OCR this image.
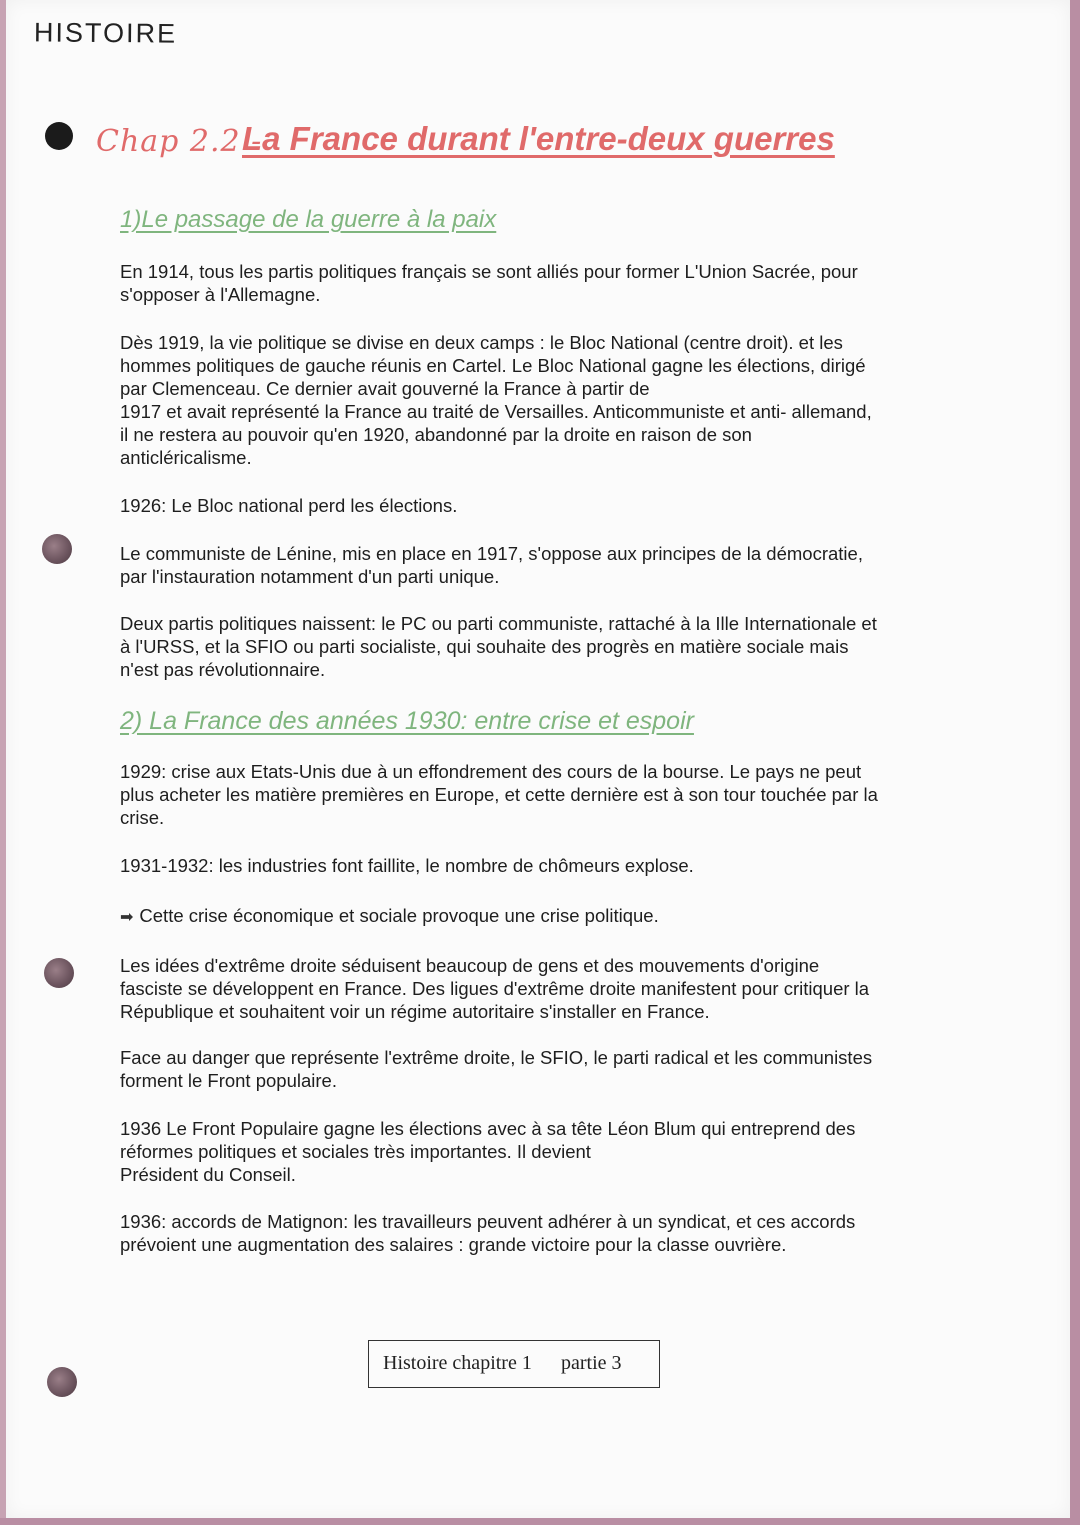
HISTOIRE
Chap 2.2 -
La France durant l'entre-deux guerres
1)Le passage de la guerre à la paix
En 1914, tous les partis politiques français se sont alliés pour former L'Union Sacrée, pour
s'opposer à l'Allemagne.
Dès 1919, la vie politique se divise en deux camps : le Bloc National (centre droit). et les
hommes politiques de gauche réunis en Cartel. Le Bloc National gagne les élections, dirigé
par Clemenceau. Ce dernier avait gouverné la France à partir de
1917 et avait représenté la France au traité de Versailles. Anticommuniste et anti- allemand,
il ne restera au pouvoir qu'en 1920, abandonné par la droite en raison de son
anticléricalisme.
1926: Le Bloc national perd les élections.
Le communiste de Lénine, mis en place en 1917, s'oppose aux principes de la démocratie,
par l'instauration notamment d'un parti unique.
Deux partis politiques naissent: le PC ou parti communiste, rattaché à la Ille Internationale et
à l'URSS, et la SFIO ou parti socialiste, qui souhaite des progrès en matière sociale mais
n'est pas révolutionnaire.
2) La France des années 1930: entre crise et espoir
1929: crise aux Etats-Unis due à un effondrement des cours de la bourse. Le pays ne peut
plus acheter les matière premières en Europe, et cette dernière est à son tour touchée par la
crise.
1931-1932: les industries font faillite, le nombre de chômeurs explose.
➡ Cette crise économique et sociale provoque une crise politique.
Les idées d'extrême droite séduisent beaucoup de gens et des mouvements d'origine
fasciste se développent en France. Des ligues d'extrême droite manifestent pour critiquer la
République et souhaitent voir un régime autoritaire s'installer en France.
Face au danger que représente l'extrême droite, le SFIO, le parti radical et les communistes
forment le Front populaire.
1936 Le Front Populaire gagne les élections avec à sa tête Léon Blum qui entreprend des
réformes politiques et sociales très importantes. Il devient
Président du Conseil.
1936: accords de Matignon: les travailleurs peuvent adhérer à un syndicat, et ces accords
prévoient une augmentation des salaires : grande victoire pour la classe ouvrière.
Histoire chapitre 1 partie 3
